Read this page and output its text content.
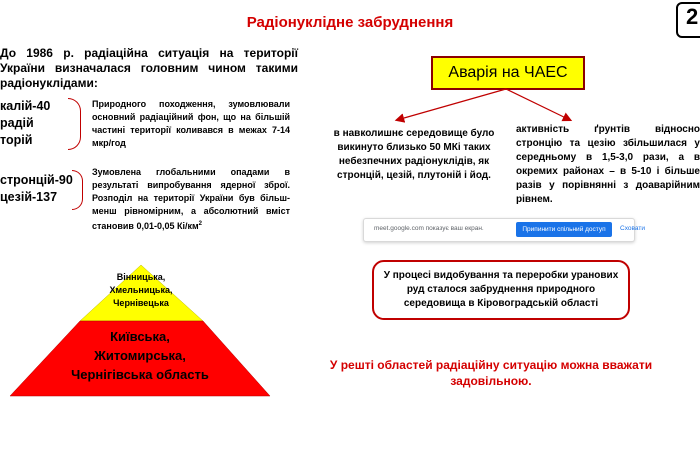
Радіонуклідне забруднення	2
До 1986 р. радіаційна ситуація на території України визначалася головним чином такими радіонуклідами:
калій-40
радій
торій
Природного походження, зумовлювали основний радіаційний фон, що на більшій частині території коливався в межах 7-14 мкр/год
стронцій-90
цезій-137
Зумовлена глобальними опадами в результаті випробування ядерної зброї. Розподіл на території України був більш-менш рівномірним, а абсолютний вміст становив 0,01-0,05 $Кі/км^2$
Вінницька,
Хмельницька,
Чернівецька
Київська,
Житомирська,
Чернігівська область
Аварія на ЧАЕС
в навколишнє середовище було викинуто близько 50 МКі таких небезпечних радіонуклідів, як стронцій, цезій, плутоній і йод.
активність ґрунтів відносно стронцію та цезію збільшилася у середньому в 1,5-3,0 рази, а в окремих районах – в 5-10 і більше разів у порівнянні з доаварійним рівнем.
meet.google.com показує ваш екран.	Припинити спільний доступ	Сховати
У процесі видобування та переробки уранових руд сталося забруднення природного середовища в Кіровоградській області
У решті областей радіаційну ситуацію можна вважати задовільною.
